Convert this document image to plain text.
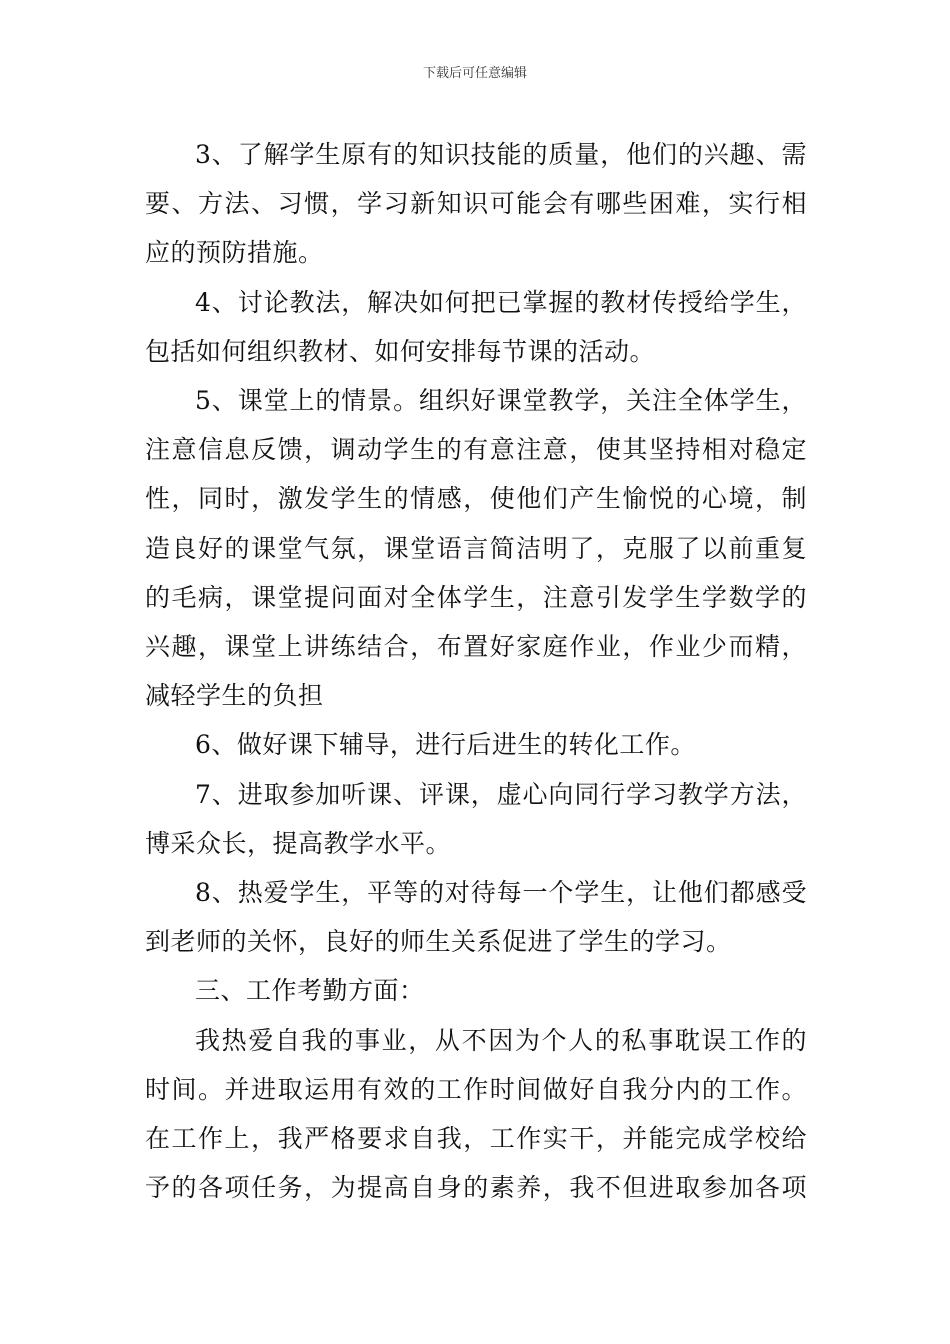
下载后可任意编辑

3、了解学生原有的知识技能的质量，他们的兴趣、需
要、方法、习惯，学习新知识可能会有哪些困难，实行相
应的预防措施。

4、讨论教法，解决如何把已掌握的教材传授给学生，
包括如何组织教材、如何安排每节课的活动。

5、课堂上的情景。组织好课堂教学，关注全体学生，
注意信息反馈，调动学生的有意注意，使其坚持相对稳定
性，同时，激发学生的情感，使他们产生愉悦的心境，制
造良好的课堂气氛，课堂语言简洁明了，克服了以前重复
的毛病，课堂提问面对全体学生，注意引发学生学数学的
兴趣，课堂上讲练结合，布置好家庭作业，作业少而精，
减轻学生的负担

6、做好课下辅导，进行后进生的转化工作。

7、进取参加听课、评课，虚心向同行学习教学方法，
博采众长，提高教学水平。

8、热爱学生，平等的对待每一个学生，让他们都感受
到老师的关怀，良好的师生关系促进了学生的学习。

三、工作考勤方面：

我热爱自我的事业，从不因为个人的私事耽误工作的
时间。并进取运用有效的工作时间做好自我分内的工作。
在工作上，我严格要求自我，工作实干，并能完成学校给
予的各项任务，为提高自身的素养，我不但进取参加各项
